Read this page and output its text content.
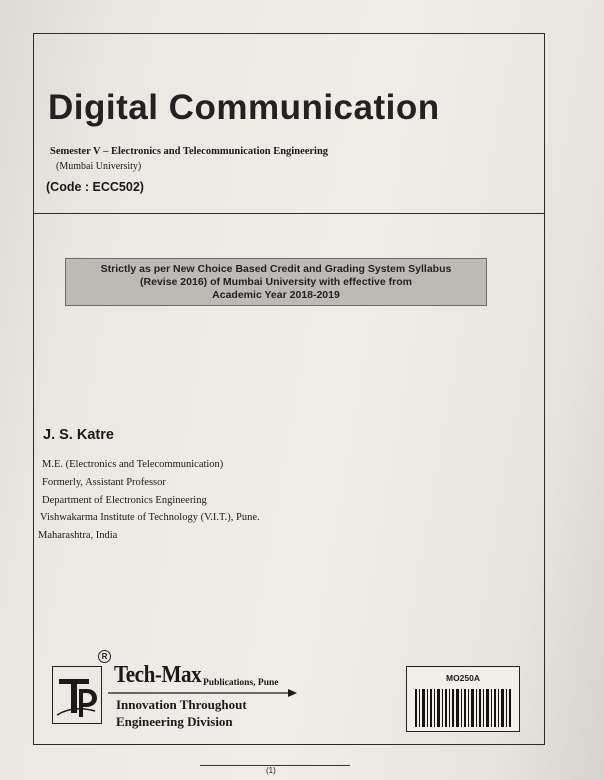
Digital Communication
Semester V – Electronics and Telecommunication Engineering
(Mumbai University)
(Code : ECC502)
Strictly as per New Choice Based Credit and Grading System Syllabus
(Revise 2016) of Mumbai University with effective from
Academic Year 2018-2019
J. S. Katre
M.E. (Electronics and Telecommunication)
Formerly, Assistant Professor
Department of Electronics Engineering
Vishwakarma Institute of Technology (V.I.T.), Pune.
Maharashtra, India
R
Tech-Max Publications, Pune
Innovation Throughout
Engineering Division
MO250A
(1)
